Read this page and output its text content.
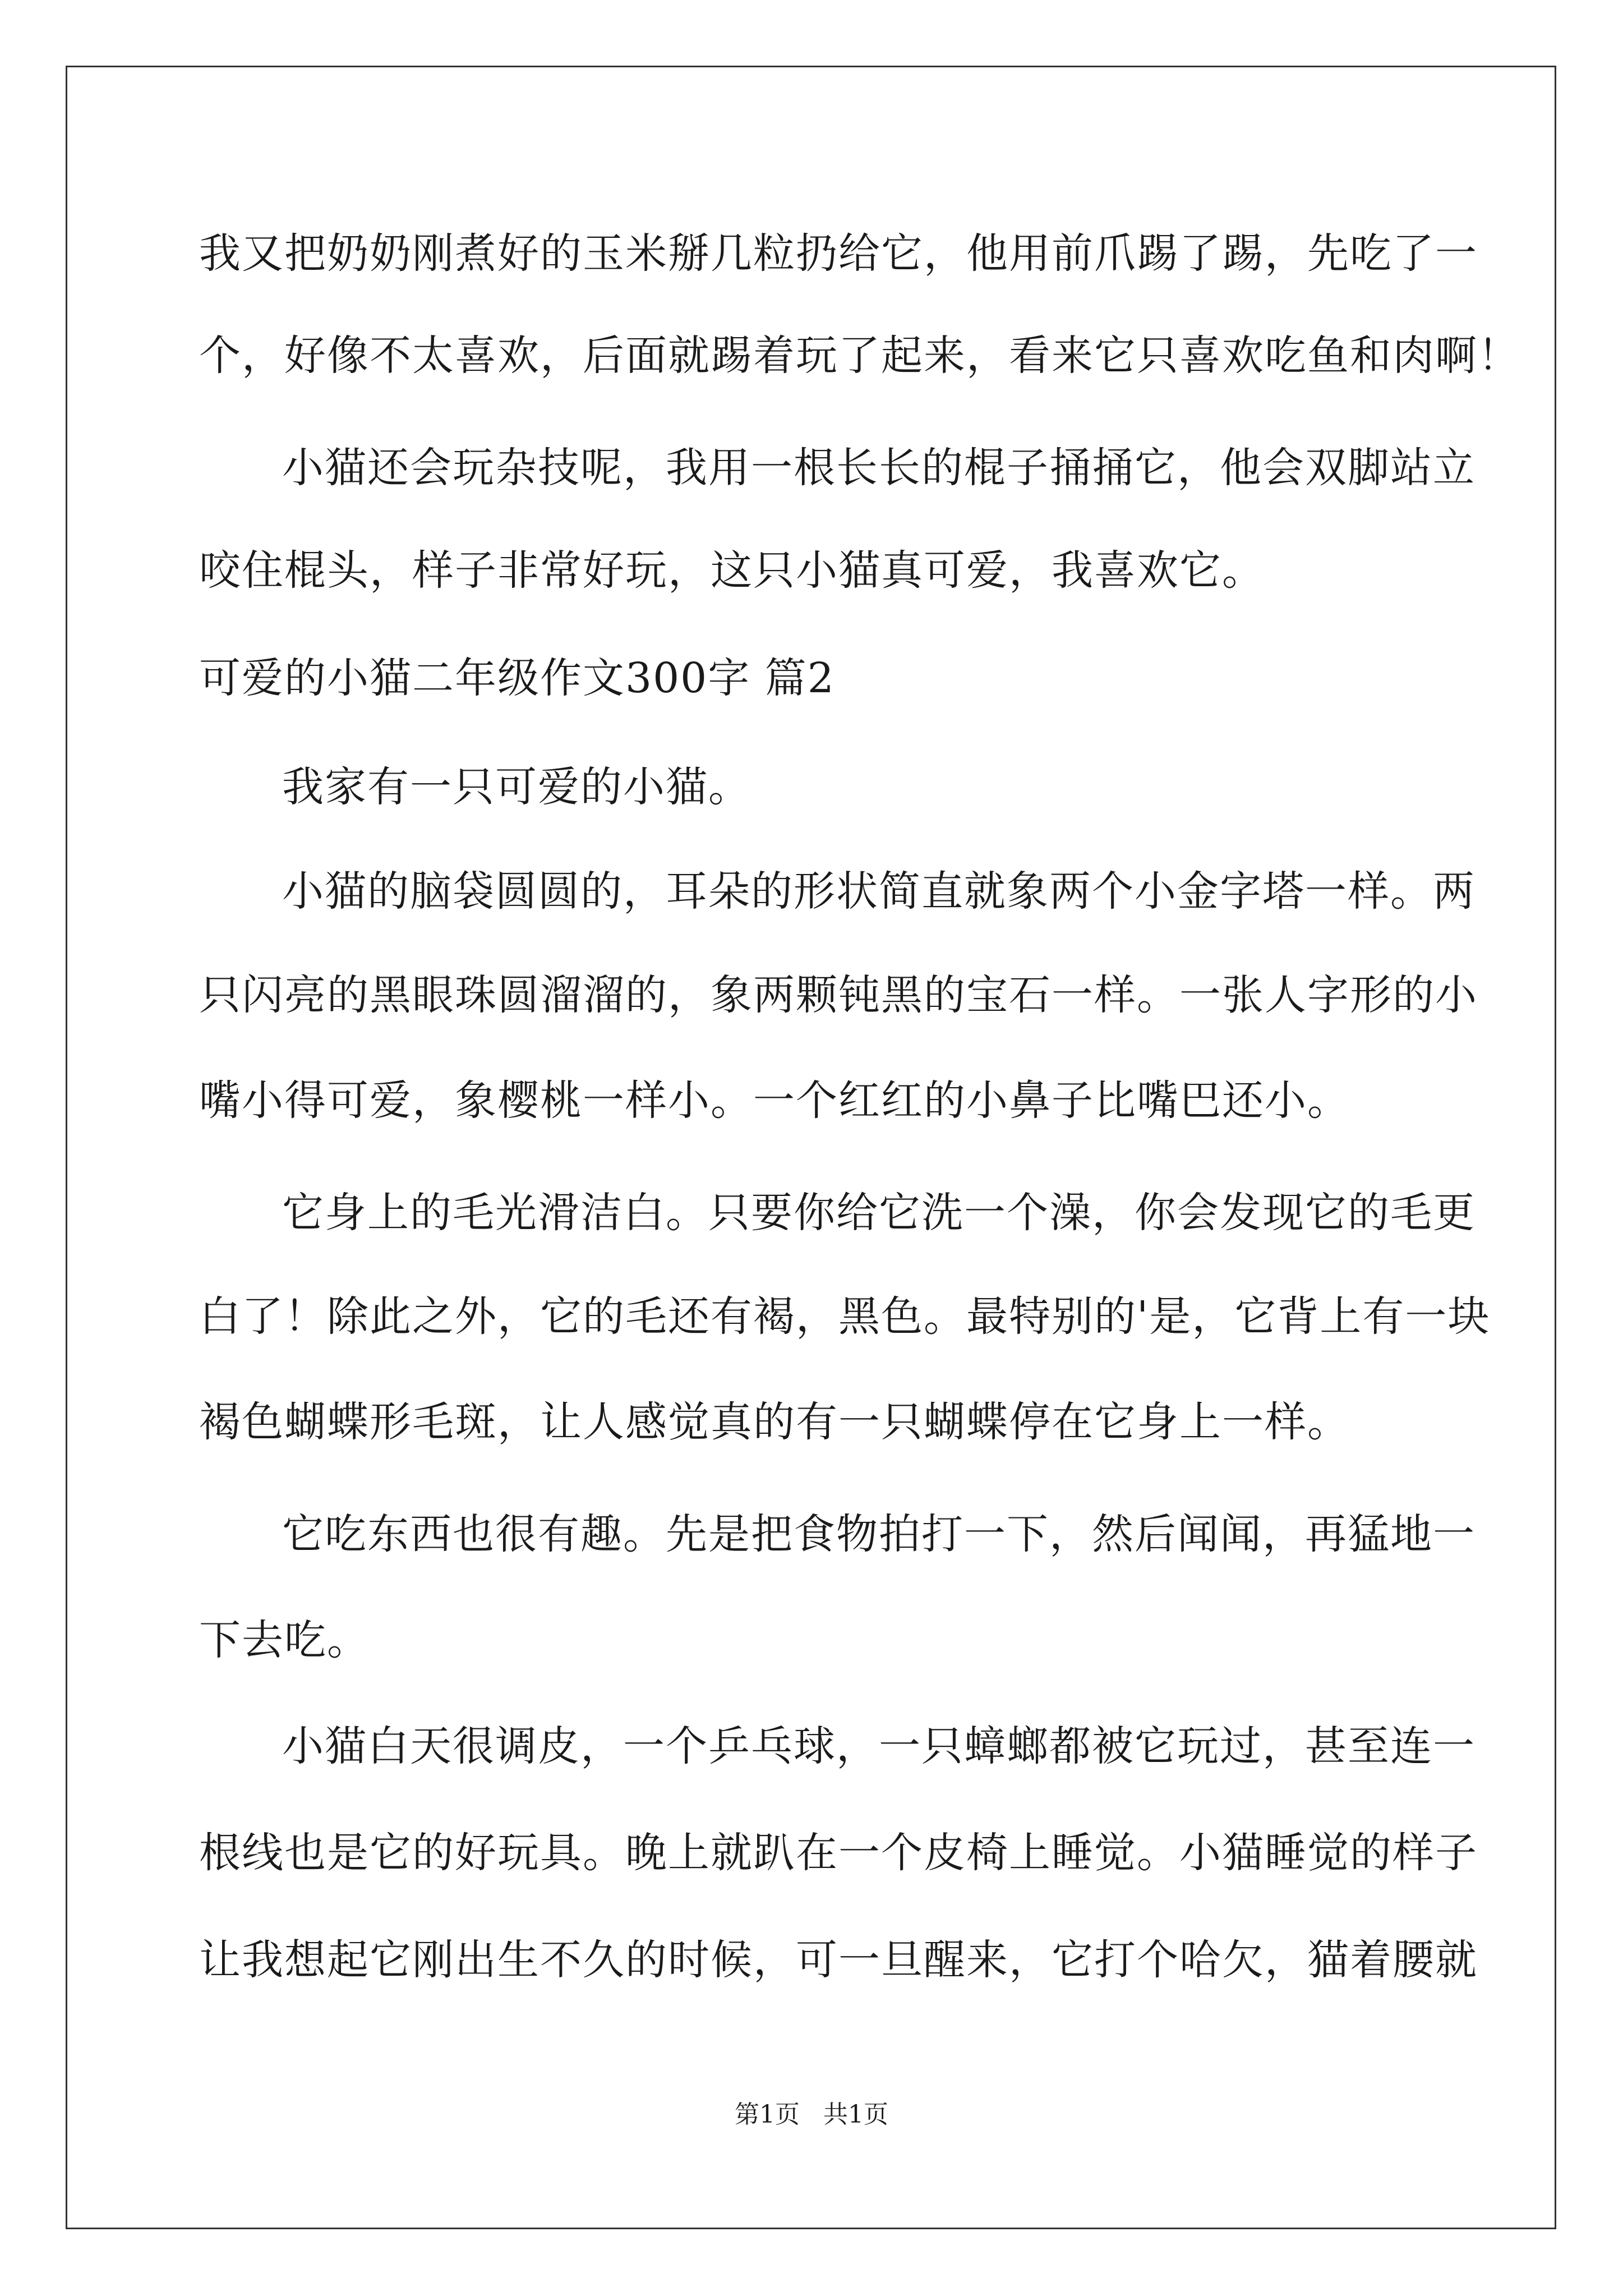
我又把奶奶刚煮好的玉米掰几粒扔给它，他用前爪踢了踢，先吃了一
个，好像不太喜欢，后面就踢着玩了起来，看来它只喜欢吃鱼和肉啊！
小猫还会玩杂技呢，我用一根长长的棍子捅捅它，他会双脚站立
咬住棍头，样子非常好玩，这只小猫真可爱，我喜欢它。
可爱的小猫二年级作文300字 篇2
我家有一只可爱的小猫。
小猫的脑袋圆圆的，耳朵的形状简直就象两个小金字塔一样。两
只闪亮的黑眼珠圆溜溜的，象两颗钝黑的宝石一样。一张人字形的小
嘴小得可爱，象樱桃一样小。一个红红的小鼻子比嘴巴还小。
它身上的毛光滑洁白。只要你给它洗一个澡，你会发现它的毛更
白了！除此之外，它的毛还有褐，黑色。最特别的'是，它背上有一块
褐色蝴蝶形毛斑，让人感觉真的有一只蝴蝶停在它身上一样。
它吃东西也很有趣。先是把食物拍打一下，然后闻闻，再猛地一
下去吃。
小猫白天很调皮，一个乒乓球，一只蟑螂都被它玩过，甚至连一
根线也是它的好玩具。晚上就趴在一个皮椅上睡觉。小猫睡觉的样子
让我想起它刚出生不久的时候，可一旦醒来，它打个哈欠，猫着腰就
第1页   共1页
